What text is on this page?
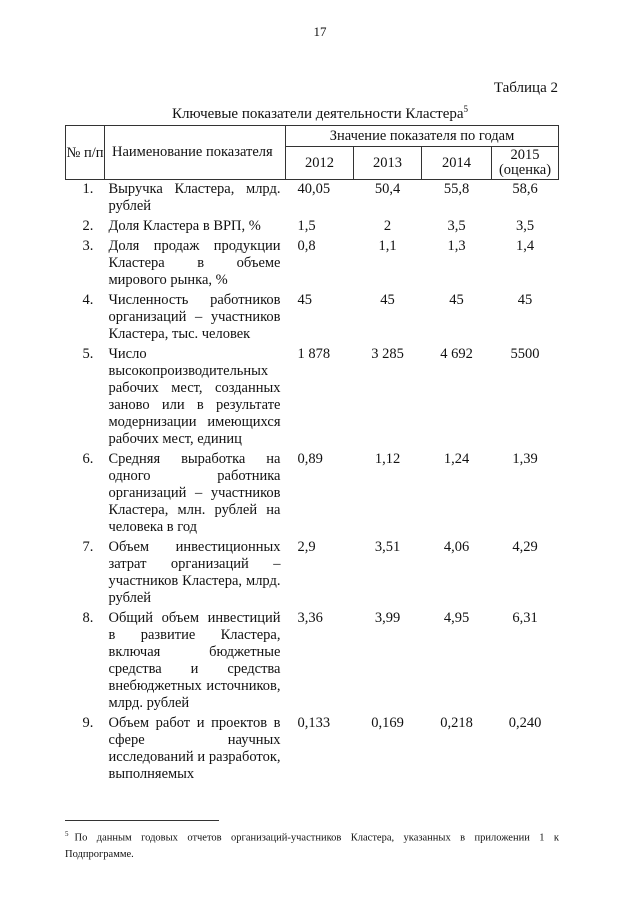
17
Таблица 2
Ключевые показатели деятельности Кластера$^5$
№ п/п	Наименование показателя	Значение показателя по годам			
		2012	2013	2014	2015 (оценка)
1.	Выручка Кластера, млрд. рублей	40,05	50,4	55,8	58,6
2.	Доля Кластера в ВРП, %	1,5	2	3,5	3,5
3.	Доля продаж продукции Кластера в объеме мирового рынка, %	0,8	1,1	1,3	1,4
4.	Численность работников организаций – участников Кластера, тыс. человек	45	45	45	45
5.	Число высокопроизводительных рабочих мест, созданных заново или в результате модернизации имеющихся рабочих мест, единиц	1 878	3 285	4 692	5500
6.	Средняя выработка на одного работника организаций – участников Кластера, млн. рублей на человека в год	0,89	1,12	1,24	1,39
7.	Объем инвестиционных затрат организаций – участников Кластера, млрд. рублей	2,9	3,51	4,06	4,29
8.	Общий объем инвестиций в развитие Кластера, включая бюджетные средства и средства внебюджетных источников, млрд. рублей	3,36	3,99	4,95	6,31
9.	Объем работ и проектов в сфере научных исследований и разработок, выполняемых	0,133	0,169	0,218	0,240
$^5$ По данным годовых отчетов организаций-участников Кластера, указанных в приложении 1 к Подпрограмме.
